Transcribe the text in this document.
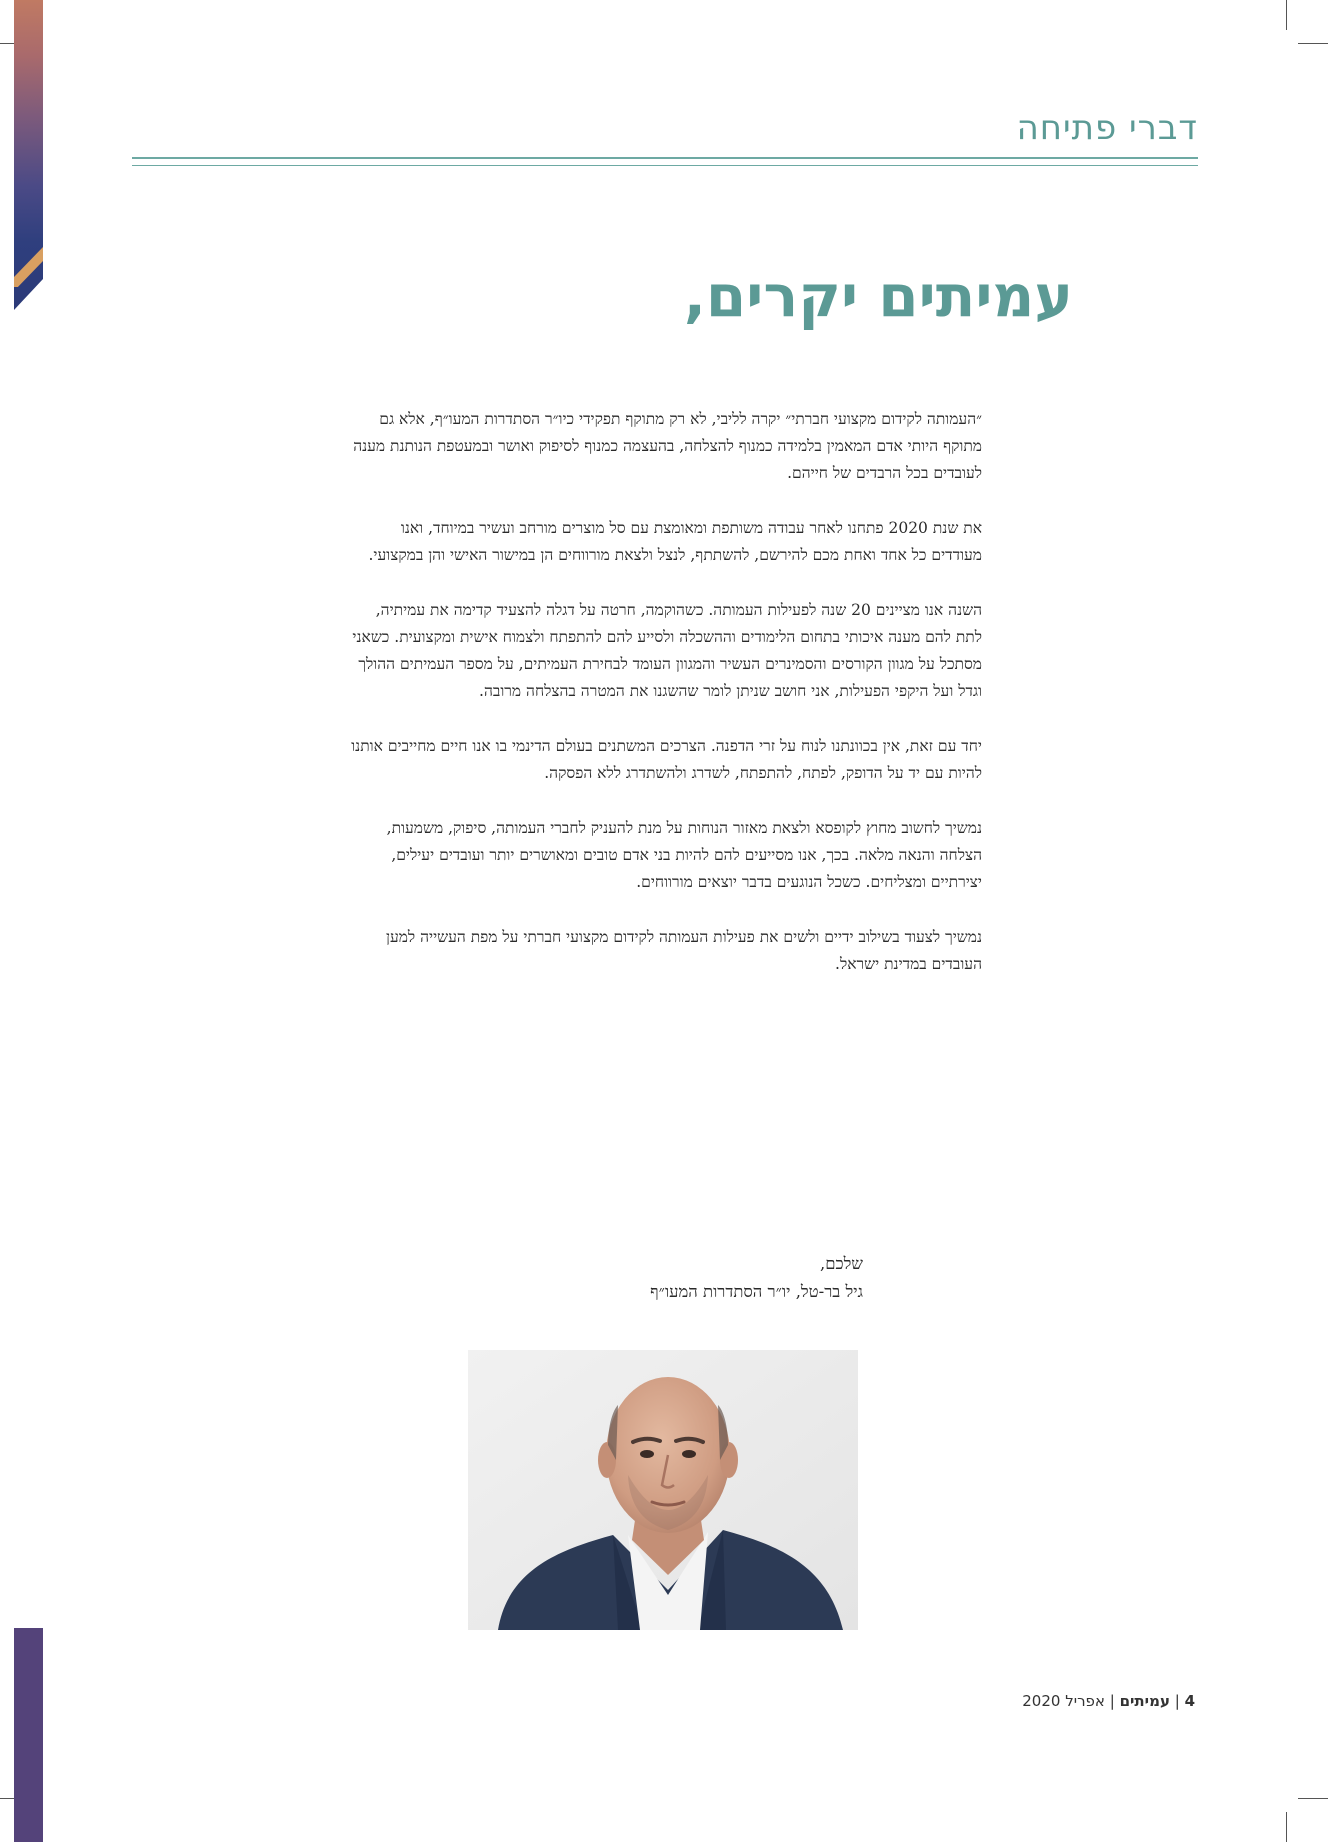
דברי פתיחה
עמיתים יקרים,

״העמותה לקידום מקצועי חברתי״ יקרה לליבי, לא רק מתוקף תפקידי כיו״ר הסתדרות המעו״ף, אלא גם מתוקף היותי אדם המאמין בלמידה כמנוף להצלחה, בהעצמה כמנוף לסיפוק ואושר ובמעטפת הנותנת מענה לעובדים בכל הרבדים של חייהם.

את שנת 2020 פתחנו לאחר עבודה משותפת ומאומצת עם סל מוצרים מורחב ועשיר במיוחד, ואנו מעודדים כל אחד ואחת מכם להירשם, להשתתף, לנצל ולצאת מורווחים הן במישור האישי והן במקצועי.

השנה אנו מציינים 20 שנה לפעילות העמותה. כשהוקמה, חרטה על דגלה להצעיד קדימה את עמיתיה, לתת להם מענה איכותי בתחום הלימודים וההשכלה ולסייע להם להתפתח ולצמוח אישית ומקצועית. כשאני מסתכל על מגוון הקורסים והסמינרים העשיר והמגוון העומד לבחירת העמיתים, על מספר העמיתים ההולך וגדל ועל היקפי הפעילות, אני חושב שניתן לומר שהשגנו את המטרה בהצלחה מרובה.

יחד עם זאת, אין בכוונתנו לנוח על זרי הדפנה. הצרכים המשתנים בעולם הדינמי בו אנו חיים מחייבים אותנו להיות עם יד על הדופק, לפתח, להתפתח, לשדרג ולהשתדרג ללא הפסקה.

נמשיך לחשוב מחוץ לקופסא ולצאת מאזור הנוחות על מנת להעניק לחברי העמותה, סיפוק, משמעות, הצלחה והנאה מלאה. בכך, אנו מסייעים להם להיות בני אדם טובים ומאושרים יותר ועובדים יעילים, יצירתיים ומצליחים. כשכל הנוגעים בדבר יוצאים מורווחים.

נמשיך לצעוד בשילוב ידיים ולשים את פעילות העמותה לקידום מקצועי חברתי על מפת העשייה למען העובדים במדינת ישראל.

שלכם,
גיל בר-טל, יו״ר הסתדרות המעו״ף
4 | עמיתים | אפריל 2020
